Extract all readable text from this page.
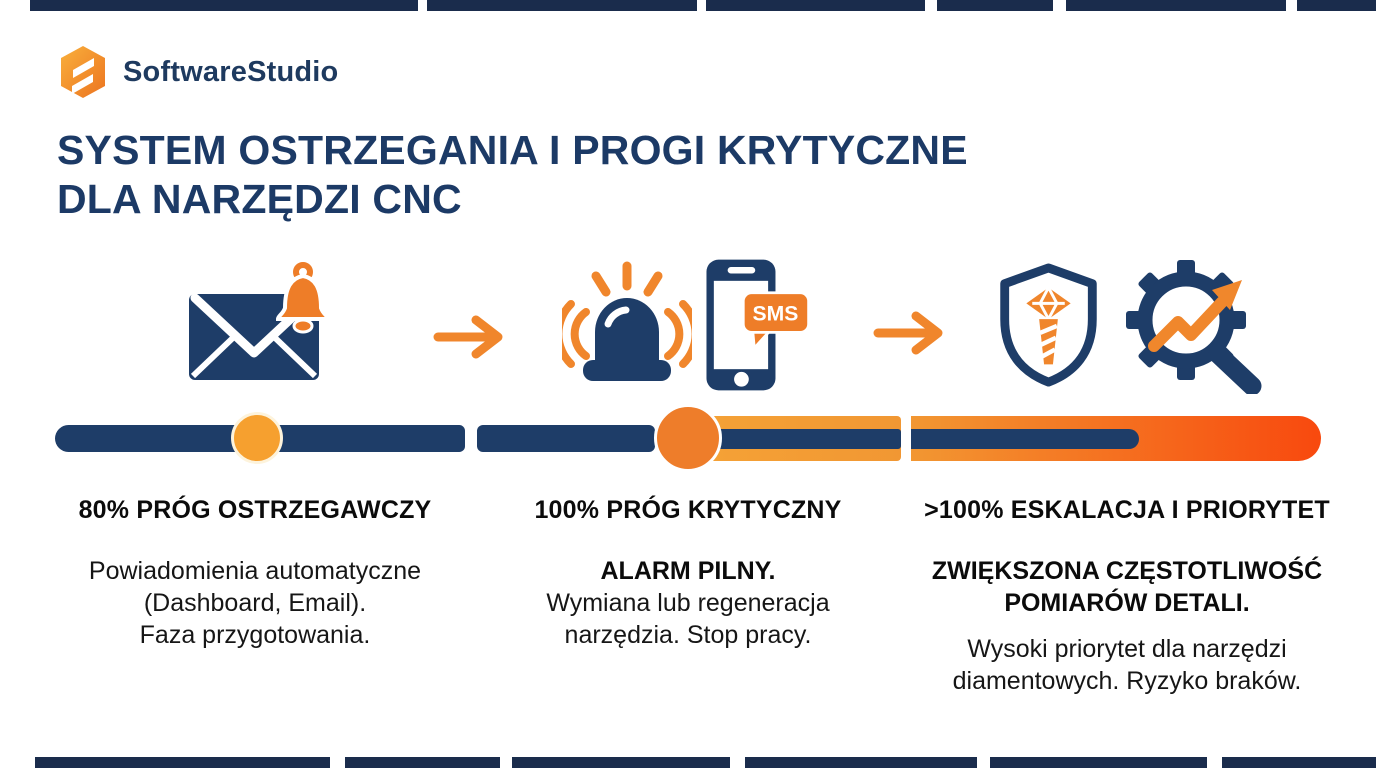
SoftwareStudio
SYSTEM OSTRZEGANIA I PROGI KRYTYCZNE
DLA NARZĘDZI CNC
SMS
80% PRÓG OSTRZEGAWCZY
Powiadomienia automatyczne
(Dashboard, Email).
Faza przygotowania.
100% PRÓG KRYTYCZNY
ALARM PILNY.
Wymiana lub regeneracja
narzędzia. Stop pracy.
>100% ESKALACJA I PRIORYTET
ZWIĘKSZONA CZĘSTOTLIWOŚĆ
POMIARÓW DETALI.
Wysoki priorytet dla narzędzi
diamentowych. Ryzyko braków.
